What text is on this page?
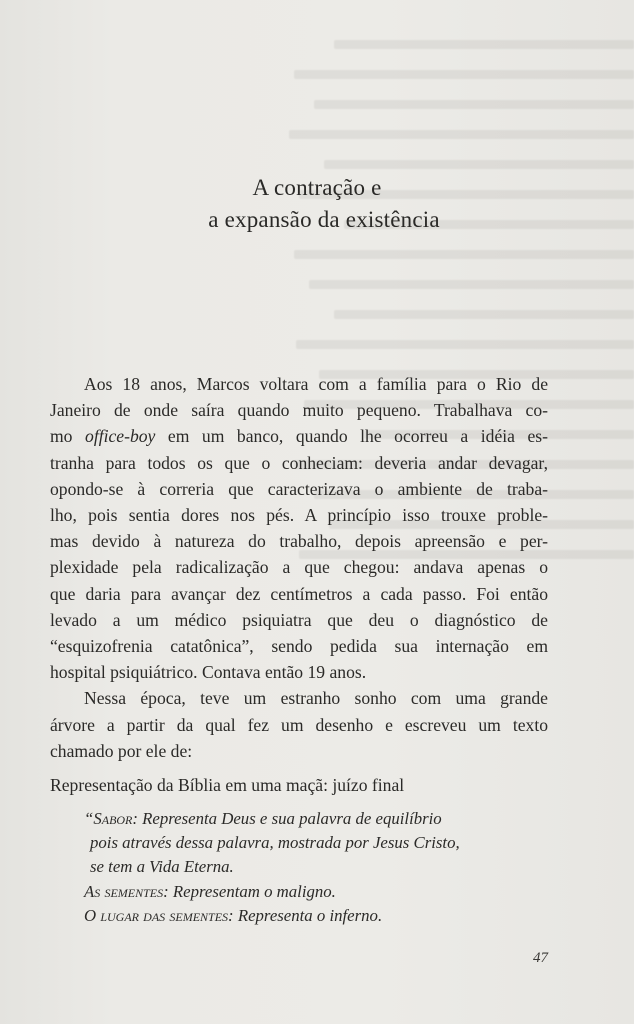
A contração e
a expansão da existência
Aos 18 anos, Marcos voltara com a família para o Rio de
Janeiro de onde saíra quando muito pequeno. Trabalhava co-
mo office-boy em um banco, quando lhe ocorreu a idéia es-
tranha para todos os que o conheciam: deveria andar devagar,
opondo-se à correria que caracterizava o ambiente de traba-
lho, pois sentia dores nos pés. A princípio isso trouxe proble-
mas devido à natureza do trabalho, depois apreensão e per-
plexidade pela radicalização a que chegou: andava apenas o
que daria para avançar dez centímetros a cada passo. Foi então
levado a um médico psiquiatra que deu o diagnóstico de
“esquizofrenia catatônica”, sendo pedida sua internação em
hospital psiquiátrico. Contava então 19 anos.
Nessa época, teve um estranho sonho com uma grande
árvore a partir da qual fez um desenho e escreveu um texto
chamado por ele de:
Representação da Bíblia em uma maçã: juízo final
“Sabor: Representa Deus e sua palavra de equilíbrio
pois através dessa palavra, mostrada por Jesus Cristo,
se tem a Vida Eterna.
As sementes: Representam o maligno.
O lugar das sementes: Representa o inferno.
47
